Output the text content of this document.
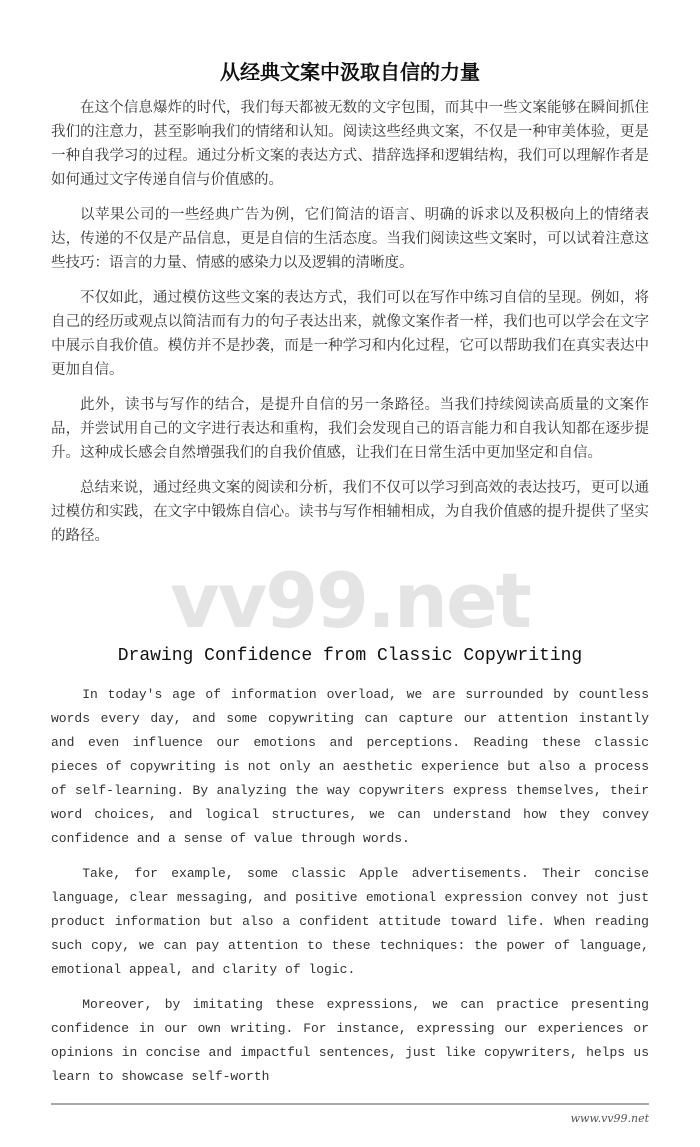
从经典文案中汲取自信的力量

在这个信息爆炸的时代，我们每天都被无数的文字包围，而其中一些文案能够在瞬间抓住我们的注意力，甚至影响我们的情绪和认知。阅读这些经典文案，不仅是一种审美体验，更是一种自我学习的过程。通过分析文案的表达方式、措辞选择和逻辑结构，我们可以理解作者是如何通过文字传递自信与价值感的。

以苹果公司的一些经典广告为例，它们简洁的语言、明确的诉求以及积极向上的情绪表达，传递的不仅是产品信息，更是自信的生活态度。当我们阅读这些文案时，可以试着注意这些技巧：语言的力量、情感的感染力以及逻辑的清晰度。

不仅如此，通过模仿这些文案的表达方式，我们可以在写作中练习自信的呈现。例如，将自己的经历或观点以简洁而有力的句子表达出来，就像文案作者一样，我们也可以学会在文字中展示自我价值。模仿并不是抄袭，而是一种学习和内化过程，它可以帮助我们在真实表达中更加自信。

此外，读书与写作的结合，是提升自信的另一条路径。当我们持续阅读高质量的文案作品，并尝试用自己的文字进行表达和重构，我们会发现自己的语言能力和自我认知都在逐步提升。这种成长感会自然增强我们的自我价值感，让我们在日常生活中更加坚定和自信。

总结来说，通过经典文案的阅读和分析，我们不仅可以学习到高效的表达技巧，更可以通过模仿和实践，在文字中锻炼自信心。读书与写作相辅相成，为自我价值感的提升提供了坚实的路径。

vv99.net
Drawing Confidence from Classic Copywriting

In today's age of information overload, we are surrounded by countless words every day, and some copywriting can capture our attention instantly and even influence our emotions and perceptions. Reading these classic pieces of copywriting is not only an aesthetic experience but also a process of self-learning. By analyzing the way copywriters express themselves, their word choices, and logical structures, we can understand how they convey confidence and a sense of value through words.

Take, for example, some classic Apple advertisements. Their concise language, clear messaging, and positive emotional expression convey not just product information but also a confident attitude toward life. When reading such copy, we can pay attention to these techniques: the power of language, emotional appeal, and clarity of logic.

Moreover, by imitating these expressions, we can practice presenting confidence in our own writing. For instance, expressing our experiences or opinions in concise and impactful sentences, just like copywriters, helps us learn to showcase self-worth

www.vv99.net
